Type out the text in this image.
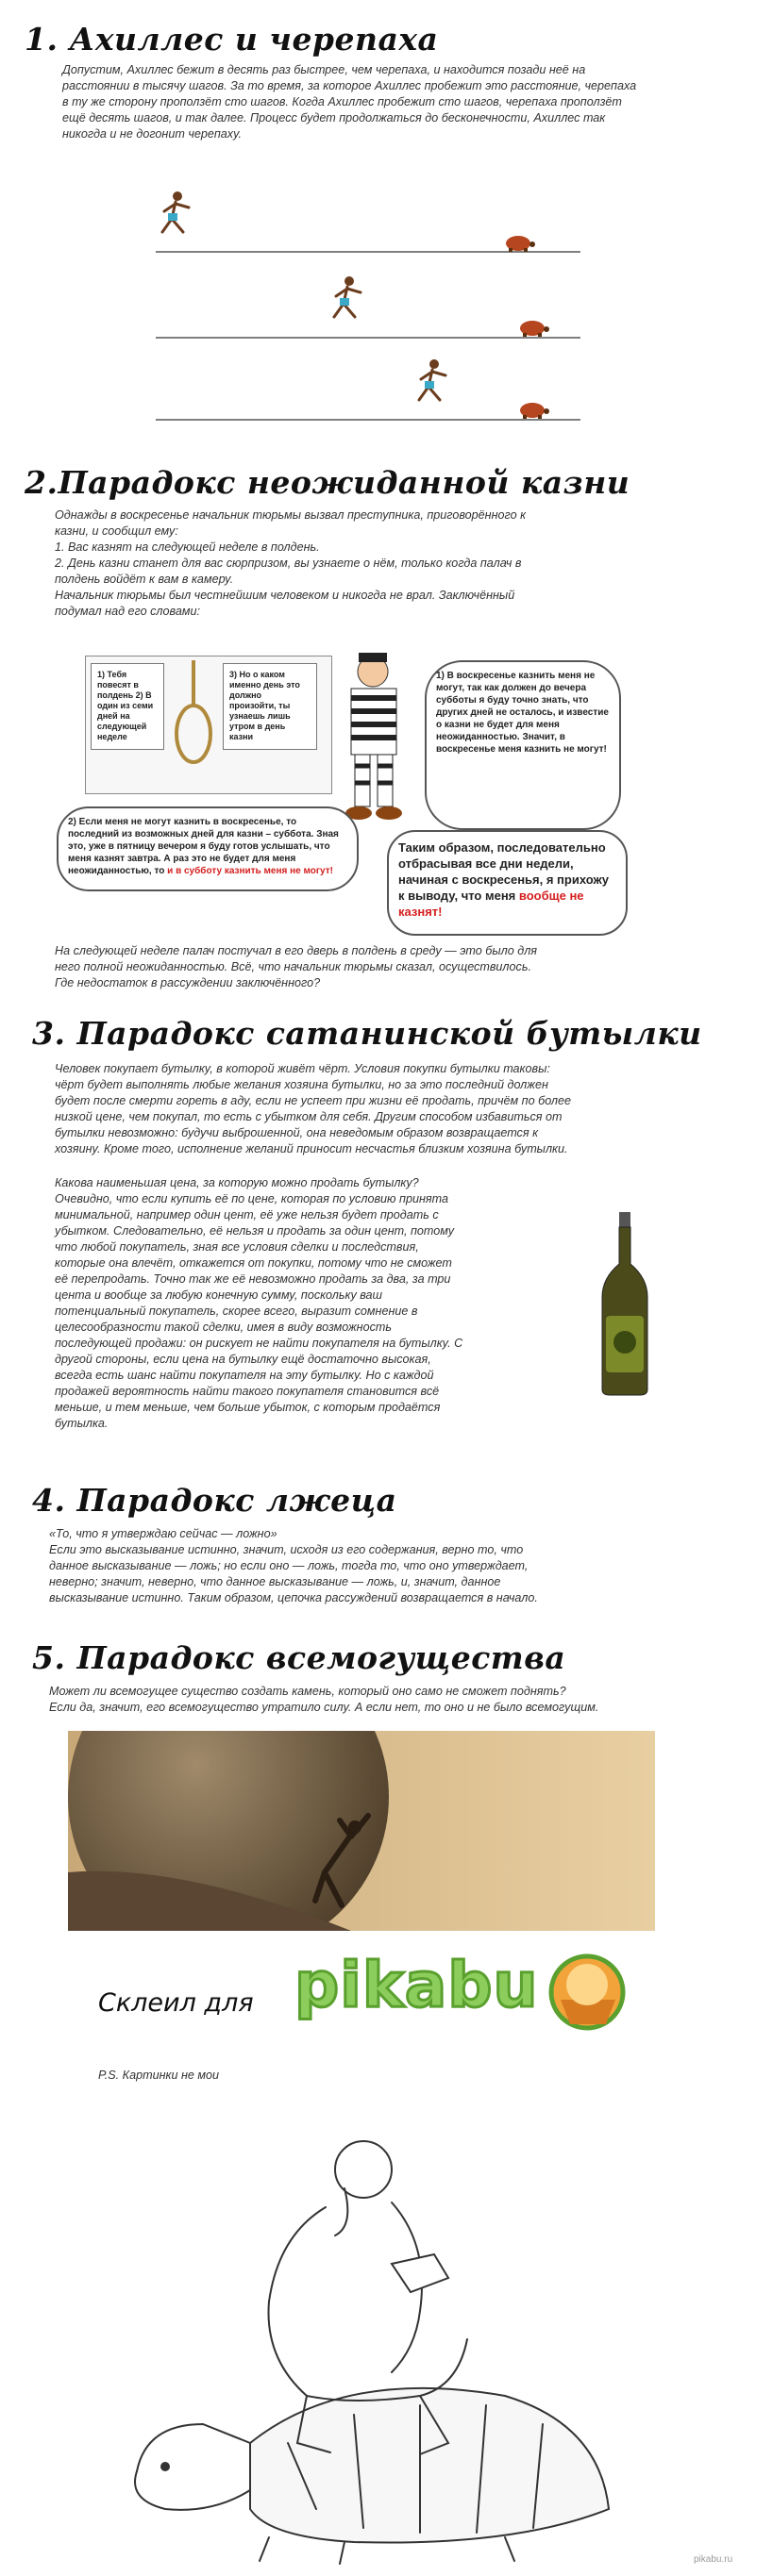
1. Ахиллес и черепаха

Допустим, Ахиллес бежит в десять раз быстрее, чем черепаха, и находится позади неё на

расстоянии в тысячу шагов. За то время, за которое Ахиллес пробежит это расстояние, черепаха

в ту же сторону проползёт сто шагов. Когда Ахиллес пробежит сто шагов, черепаха проползёт

ещё десять шагов, и так далее. Процесс будет продолжаться до бесконечности, Ахиллес так

никогда и не догонит черепаху.

2.Парадокс неожиданной казни

Однажды в воскресенье начальник тюрьмы вызвал преступника, приговорённого к

казни, и сообщил ему:

1. Вас казнят на следующей неделе в полдень.

2. День казни станет для вас сюрпризом, вы узнаете о нём, только когда палач в

полдень войдёт к вам в камеру.

Начальник тюрьмы был честнейшим человеком и никогда не врал. Заключённый

подумал над его словами:

1) Тебя повесят в полдень 2) В один из семи дней на следующей неделе
3) Но о каком именно день это должно произойти, ты узнаешь лишь утром в день казни
1) В воскресенье казнить меня не могут, так как должен до вечера субботы я буду точно знать, что других дней не осталось, и известие о казни не будет для меня неожиданностью. Значит, в воскресенье меня казнить не могут!
2) Если меня не могут казнить в воскресенье, то последний из возможных дней для казни – суббота. Зная это, уже в пятницу вечером я буду готов услышать, что меня казнят завтра. А раз это не будет для меня неожиданностью, то и в субботу казнить меня не могут!
Таким образом, последовательно отбрасывая все дни недели, начиная с воскресенья, я прихожу к выводу, что меня вообще не казнят!

На следующей неделе палач постучал в его дверь в полдень в среду — это было для

него полной неожиданностью. Всё, что начальник тюрьмы сказал, осуществилось.

Где недостаток в рассуждении заключённого?

3. Парадокс сатанинской бутылки

Человек покупает бутылку, в которой живёт чёрт. Условия покупки бутылки таковы:

чёрт будет выполнять любые желания хозяина бутылки, но за это последний должен

будет после смерти гореть в аду, если не успеет при жизни её продать, причём по более

низкой цене, чем покупал, то есть с убытком для себя. Другим способом избавиться от

бутылки невозможно: будучи выброшенной, она неведомым образом возвращается к

хозяину. Кроме того, исполнение желаний приносит несчастья близким хозяина бутылки.

Какова наименьшая цена, за которую можно продать бутылку?

Очевидно, что если купить её по цене, которая по условию принята

минимальной, например один цент, её уже нельзя будет продать с

убытком. Следовательно, её нельзя и продать за один цент, потому

что любой покупатель, зная все условия сделки и последствия,

которые она влечёт, откажется от покупки, потому что не сможет

её перепродать. Точно так же её невозможно продать за два, за три

цента и вообще за любую конечную сумму, поскольку ваш

потенциальный покупатель, скорее всего, выразит сомнение в

целесообразности такой сделки, имея в виду возможность

последующей продажи: он рискует не найти покупателя на бутылку. С

другой стороны, если цена на бутылку ещё достаточно высокая,

всегда есть шанс найти покупателя на эту бутылку. Но с каждой

продажей вероятность найти такого покупателя становится всё

меньше, и тем меньше, чем больше убыток, с которым продаётся

бутылка.

4. Парадокс лжеца

«То, что я утверждаю сейчас — ложно»

Если это высказывание истинно, значит, исходя из его содержания, верно то, что

данное высказывание — ложь; но если оно — ложь, тогда то, что оно утверждает,

неверно; значит, неверно, что данное высказывание — ложь, и, значит, данное

высказывание истинно. Таким образом, цепочка рассуждений возвращается в начало.

5. Парадокс всемогущества

Может ли всемогущее существо создать камень, который оно само не сможет поднять?

Если да, значит, его всемогущество утратило силу. А если нет, то оно и не было всемогущим.

Склеил для pikabu

P.S. Картинки не мои

pikabu.ru
